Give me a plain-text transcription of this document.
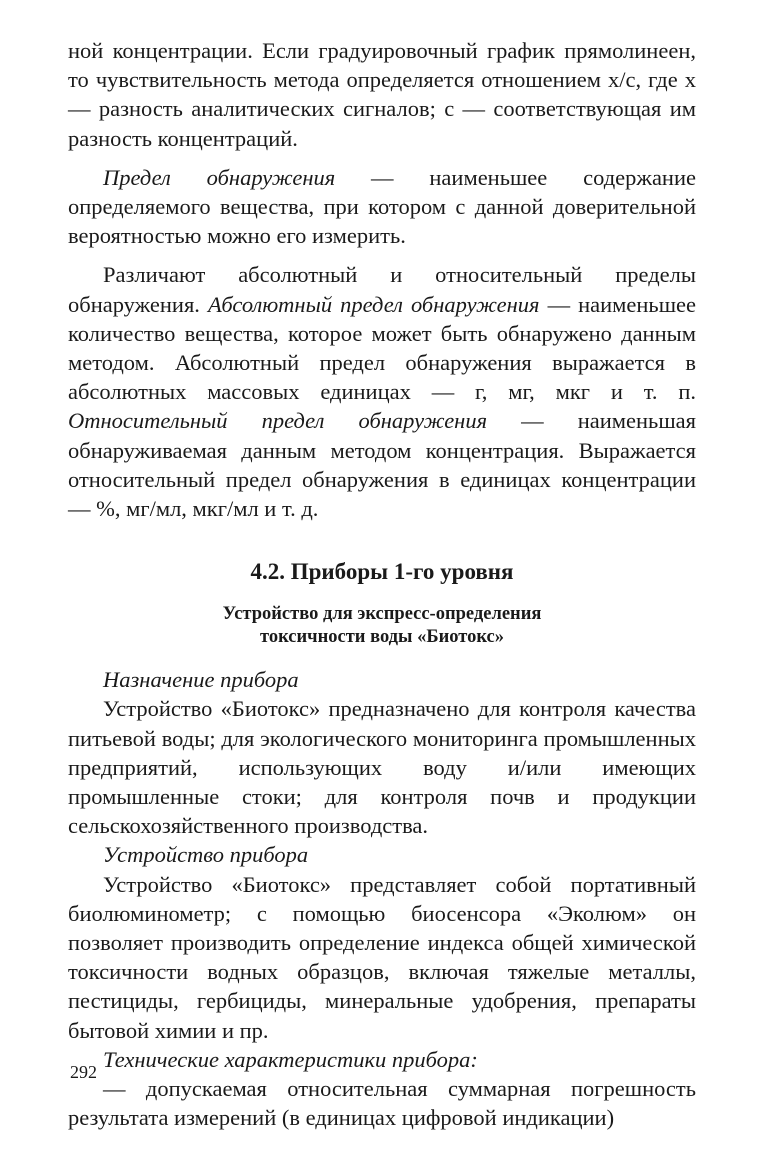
ной концентрации. Если градуировочный график прямолинеен, то чувствительность метода определяется отношением x/c, где x — разность аналитических сигналов; c — соответствующая им разность концентраций.

Предел обнаружения — наименьшее содержание определяемого вещества, при котором с данной доверительной вероятностью можно его измерить.

Различают абсолютный и относительный пределы обнаружения. Абсолютный предел обнаружения — наименьшее количество вещества, которое может быть обнаружено данным методом. Абсолютный предел обнаружения выражается в абсолютных массовых единицах — г, мг, мкг и т. п. Относительный предел обнаружения — наименьшая обнаруживаемая данным методом концентрация. Выражается относительный предел обнаружения в единицах концентрации — %, мг/мл, мкг/мл и т. д.

4.2. Приборы 1-го уровня
Устройство для экспресс-определения
токсичности воды «Биотокс»

Назначение прибора

Устройство «Биотокс» предназначено для контроля качества питьевой воды; для экологического мониторинга промышленных предприятий, использующих воду и/или имеющих промышленные стоки; для контроля почв и продукции сельскохозяйственного производства.

Устройство прибора

Устройство «Биотокс» представляет собой портативный биолюминометр; с помощью биосенсора «Эколюм» он позволяет производить определение индекса общей химической токсичности водных образцов, включая тяжелые металлы, пестициды, гербициды, минеральные удобрения, препараты бытовой химии и пр.

Технические характеристики прибора:

— допускаемая относительная суммарная погрешность результата измерений (в единицах цифровой индикации)

292
